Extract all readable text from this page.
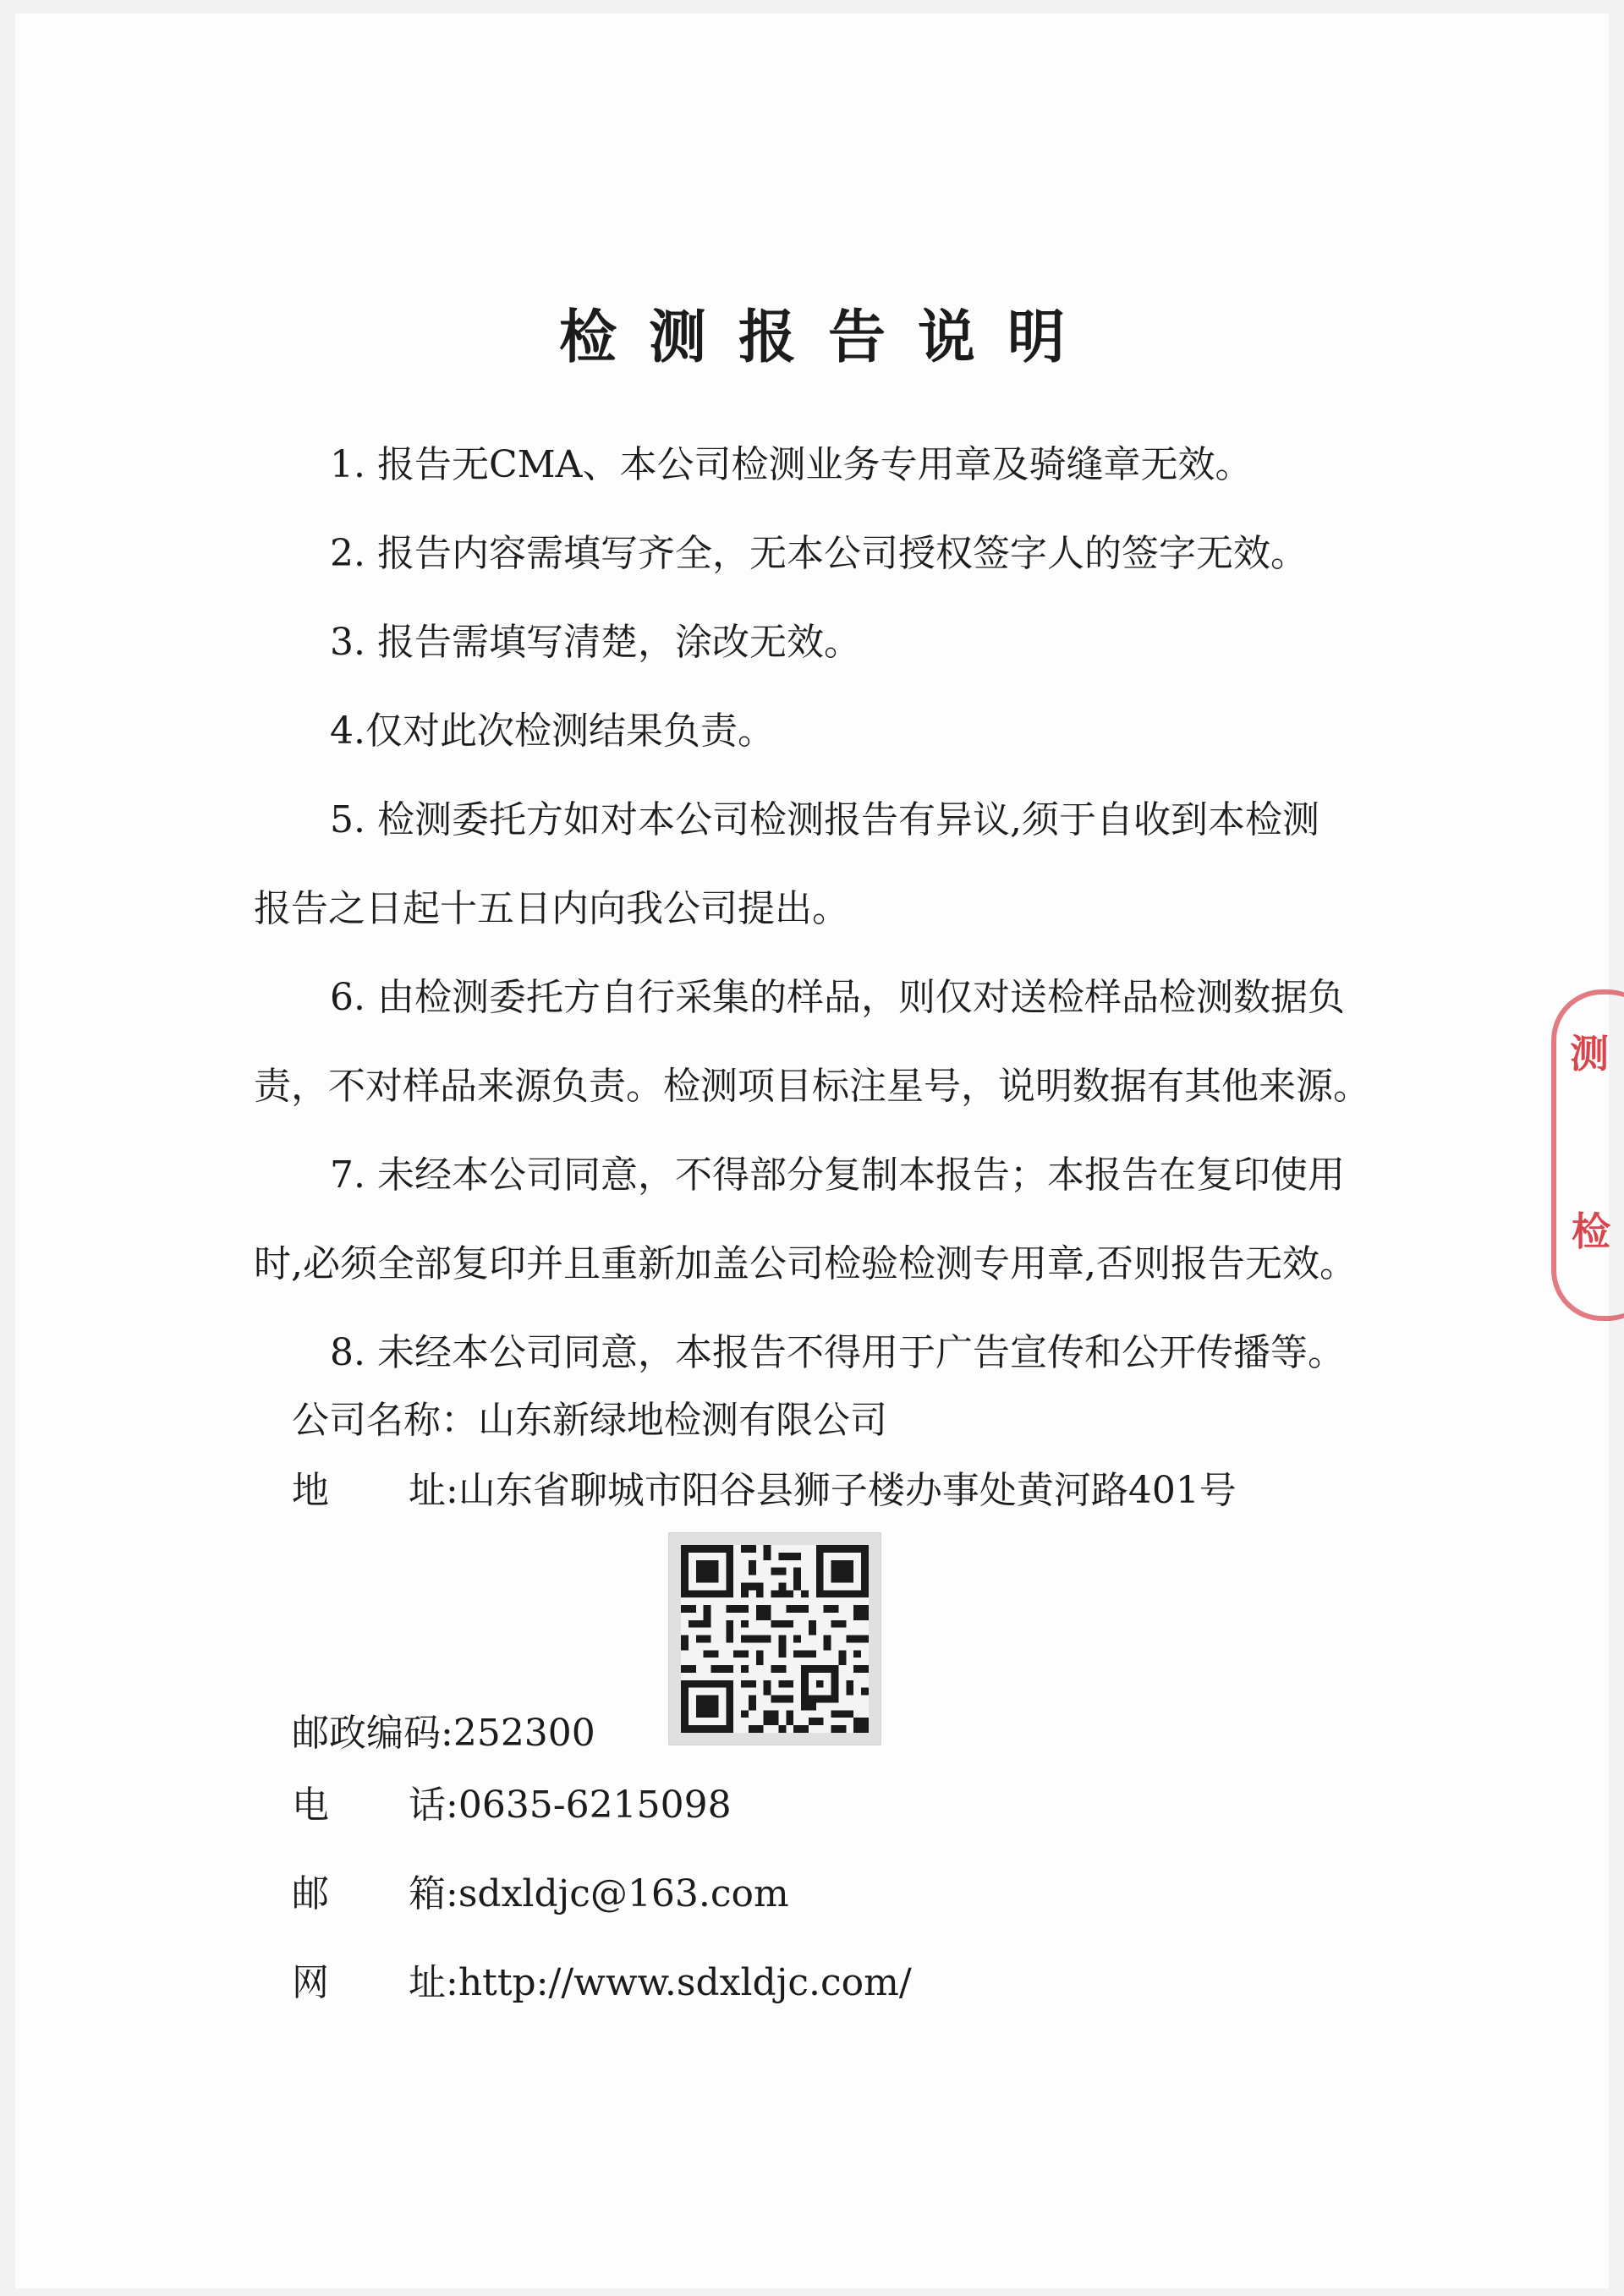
检测报告说明
1. 报告无CMA、本公司检测业务专用章及骑缝章无效。
2. 报告内容需填写齐全，无本公司授权签字人的签字无效。
3. 报告需填写清楚，涂改无效。
4.仅对此次检测结果负责。
5. 检测委托方如对本公司检测报告有异议,须于自收到本检测
报告之日起十五日内向我公司提出。
6. 由检测委托方自行采集的样品，则仅对送检样品检测数据负
责，不对样品来源负责。检测项目标注星号，说明数据有其他来源。
7. 未经本公司同意，不得部分复制本报告；本报告在复印使用
时,必须全部复印并且重新加盖公司检验检测专用章,否则报告无效。
8. 未经本公司同意，本报告不得用于广告宣传和公开传播等。
公司名称：山东新绿地检测有限公司
地 址:山东省聊城市阳谷县狮子楼办事处黄河路401号
邮政编码:252300
电 话:0635-6215098
邮 箱:sdxldjc@163.com
网 址:http://www.sdxldjc.com/
测
检
